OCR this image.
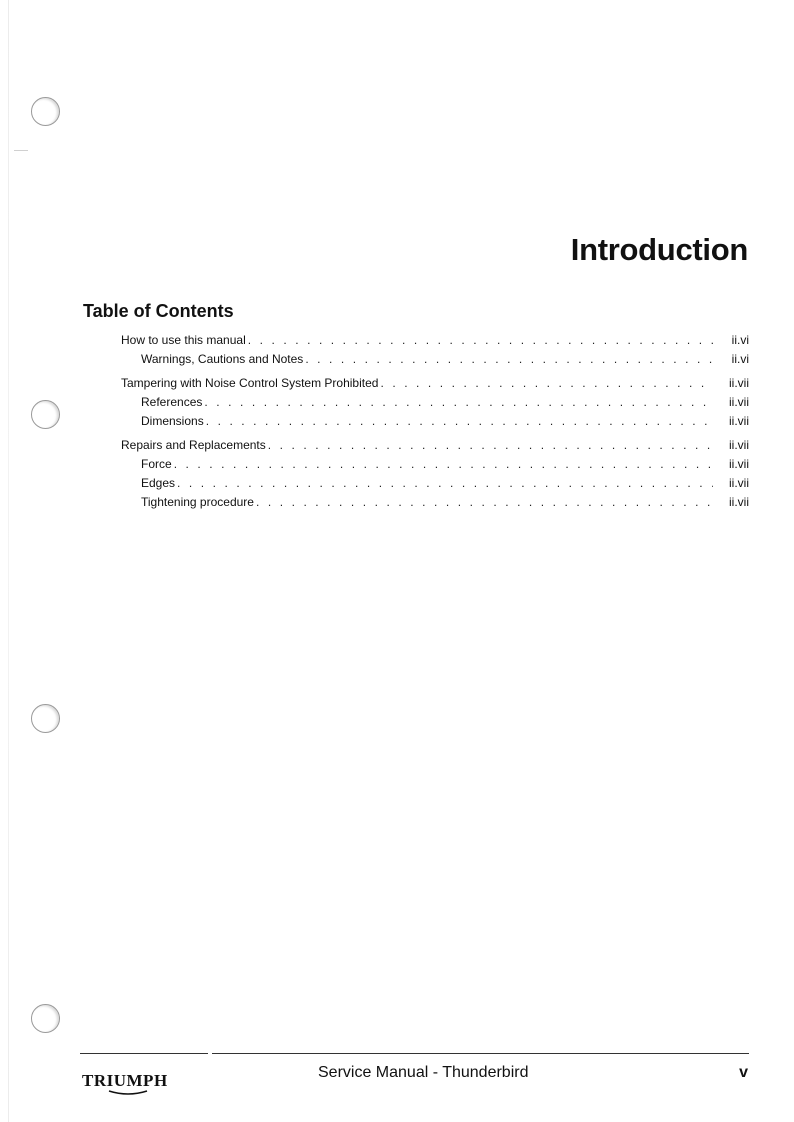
Introduction
Table of Contents
How to use this manual . . .	ii.vi
Warnings, Cautions and Notes . . .	ii.vi
Tampering with Noise Control System Prohibited . . .	ii.vii
References . . .	ii.vii
Dimensions . . .	ii.vii
Repairs and Replacements . . .	ii.vii
Force . . .	ii.vii
Edges . . .	ii.vii
Tightening procedure . . .	ii.vii
TRIUMPH	Service Manual - Thunderbird	v
